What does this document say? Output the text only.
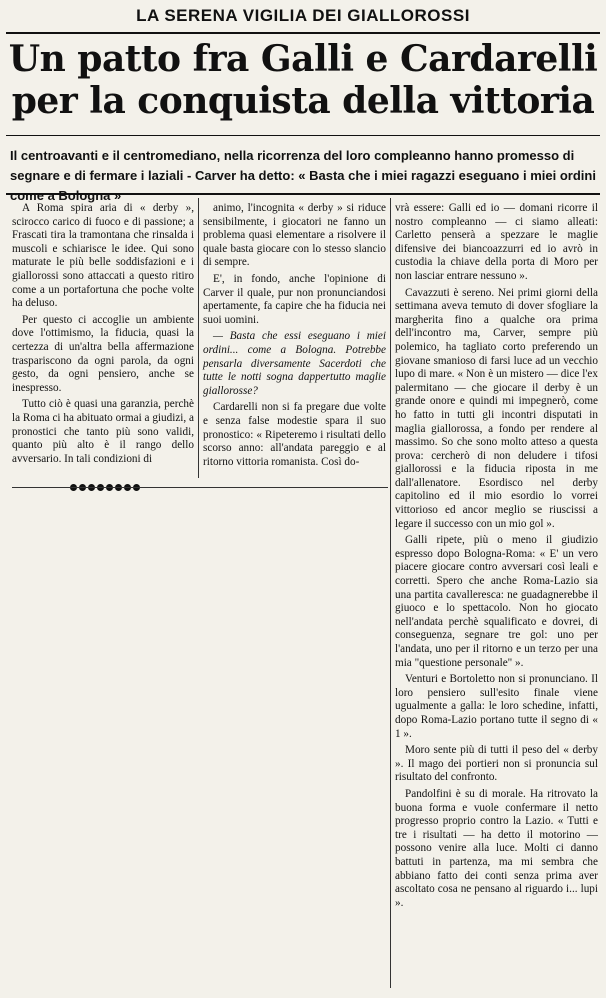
LA SERENA VIGILIA DEI GIALLOROSSI
Un patto fra Galli e Cardarelli
per la conquista della vittoria
Il centroavanti e il centromediano, nella ricorrenza del loro compleanno hanno promesso di segnare e di fermare i laziali - Carver ha detto: « Basta che i miei ragazzi eseguano i miei ordini come a Bologna »

A Roma spira aria di « derby », scirocco carico di fuoco e di passione; a Frascati tira la tramontana che rinsalda i muscoli e schiarisce le idee. Qui sono maturate le più belle soddisfazioni e i giallorossi sono attaccati a questo ritiro come a un portafortuna che poche volte ha deluso.

Per questo ci accoglie un ambiente dove l'ottimismo, la fiducia, quasi la certezza di un'altra bella affermazione traspariscono da ogni parola, da ogni gesto, da ogni pensiero, anche se inespresso.

Tutto ciò è quasi una garanzia, perchè la Roma ci ha abituato ormai a giudizi, a pronostici che tanto più sono validi, quanto più alto è il rango dello avversario. In tali condizioni di

animo, l'incognita « derby » si riduce sensibilmente, i giocatori ne fanno un problema quasi elementare a risolvere il quale basta giocare con lo stesso slancio di sempre.

E', in fondo, anche l'opinione di Carver il quale, pur non pronunciandosi apertamente, fa capire che ha fiducia nei suoi uomini.

— Basta che essi eseguano i miei ordini... come a Bologna. Potrebbe pensarla diversamente Sacerdoti che tutte le notti sogna dappertutto maglie giallorosse?

Cardarelli non si fa pregare due volte e senza false modestie spara il suo pronostico: « Ripeteremo i risultati dello scorso anno: all'andata pareggio e al ritorno vittoria romanista. Così do-

vrà essere: Galli ed io — domani ricorre il nostro compleanno — ci siamo alleati: Carletto penserà a spezzare le maglie difensive dei biancoazzurri ed io avrò in custodia la chiave della porta di Moro per non lasciar entrare nessuno ».

Cavazzuti è sereno. Nei primi giorni della settimana aveva temuto di dover sfogliare la margherita fino a qualche ora prima dell'incontro ma, Carver, sempre più polemico, ha tagliato corto preferendo un giovane smanioso di farsi luce ad un vecchio lupo di mare. « Non è un mistero — dice l'ex palermitano — che giocare il derby è un grande onore e quindi mi impegnerò, come ho fatto in tutti gli incontri disputati in maglia giallorossa, a fondo per rendere al massimo. So che sono molto atteso a questa prova: cercherò di non deludere i tifosi giallorossi e la fiducia riposta in me dall'allenatore. Esordisco nel derby capitolino ed il mio esordio lo vorrei vittorioso ed ancor meglio se riuscissi a legare il successo con un mio gol ».

Galli ripete, più o meno il giudizio espresso dopo Bologna-Roma: « E' un vero piacere giocare contro avversari così leali e corretti. Spero che anche Roma-Lazio sia una partita cavalleresca: ne guadagnerebbe il giuoco e lo spettacolo. Non ho giocato nell'andata perchè squalificato e dovrei, di conseguenza, segnare tre gol: uno per l'andata, uno per il ritorno e un terzo per una mia "questione personale" ».

Venturi e Bortoletto non si pronunciano. Il loro pensiero sull'esito finale viene ugualmente a galla: le loro schedine, infatti, dopo Roma-Lazio portano tutte il segno di « 1 ».

Moro sente più di tutti il peso del « derby ». Il mago dei portieri non si pronuncia sul risultato del confronto.

Pandolfini è su di morale. Ha ritrovato la buona forma e vuole confermare il netto progresso proprio contro la Lazio. « Tutti e tre i risultati — ha detto il motorino — possono venire alla luce. Molti ci danno battuti in partenza, ma mi sembra che abbiano fatto dei conti senza prima aver ascoltato cosa ne pensano al riguardo i... lupi ».
